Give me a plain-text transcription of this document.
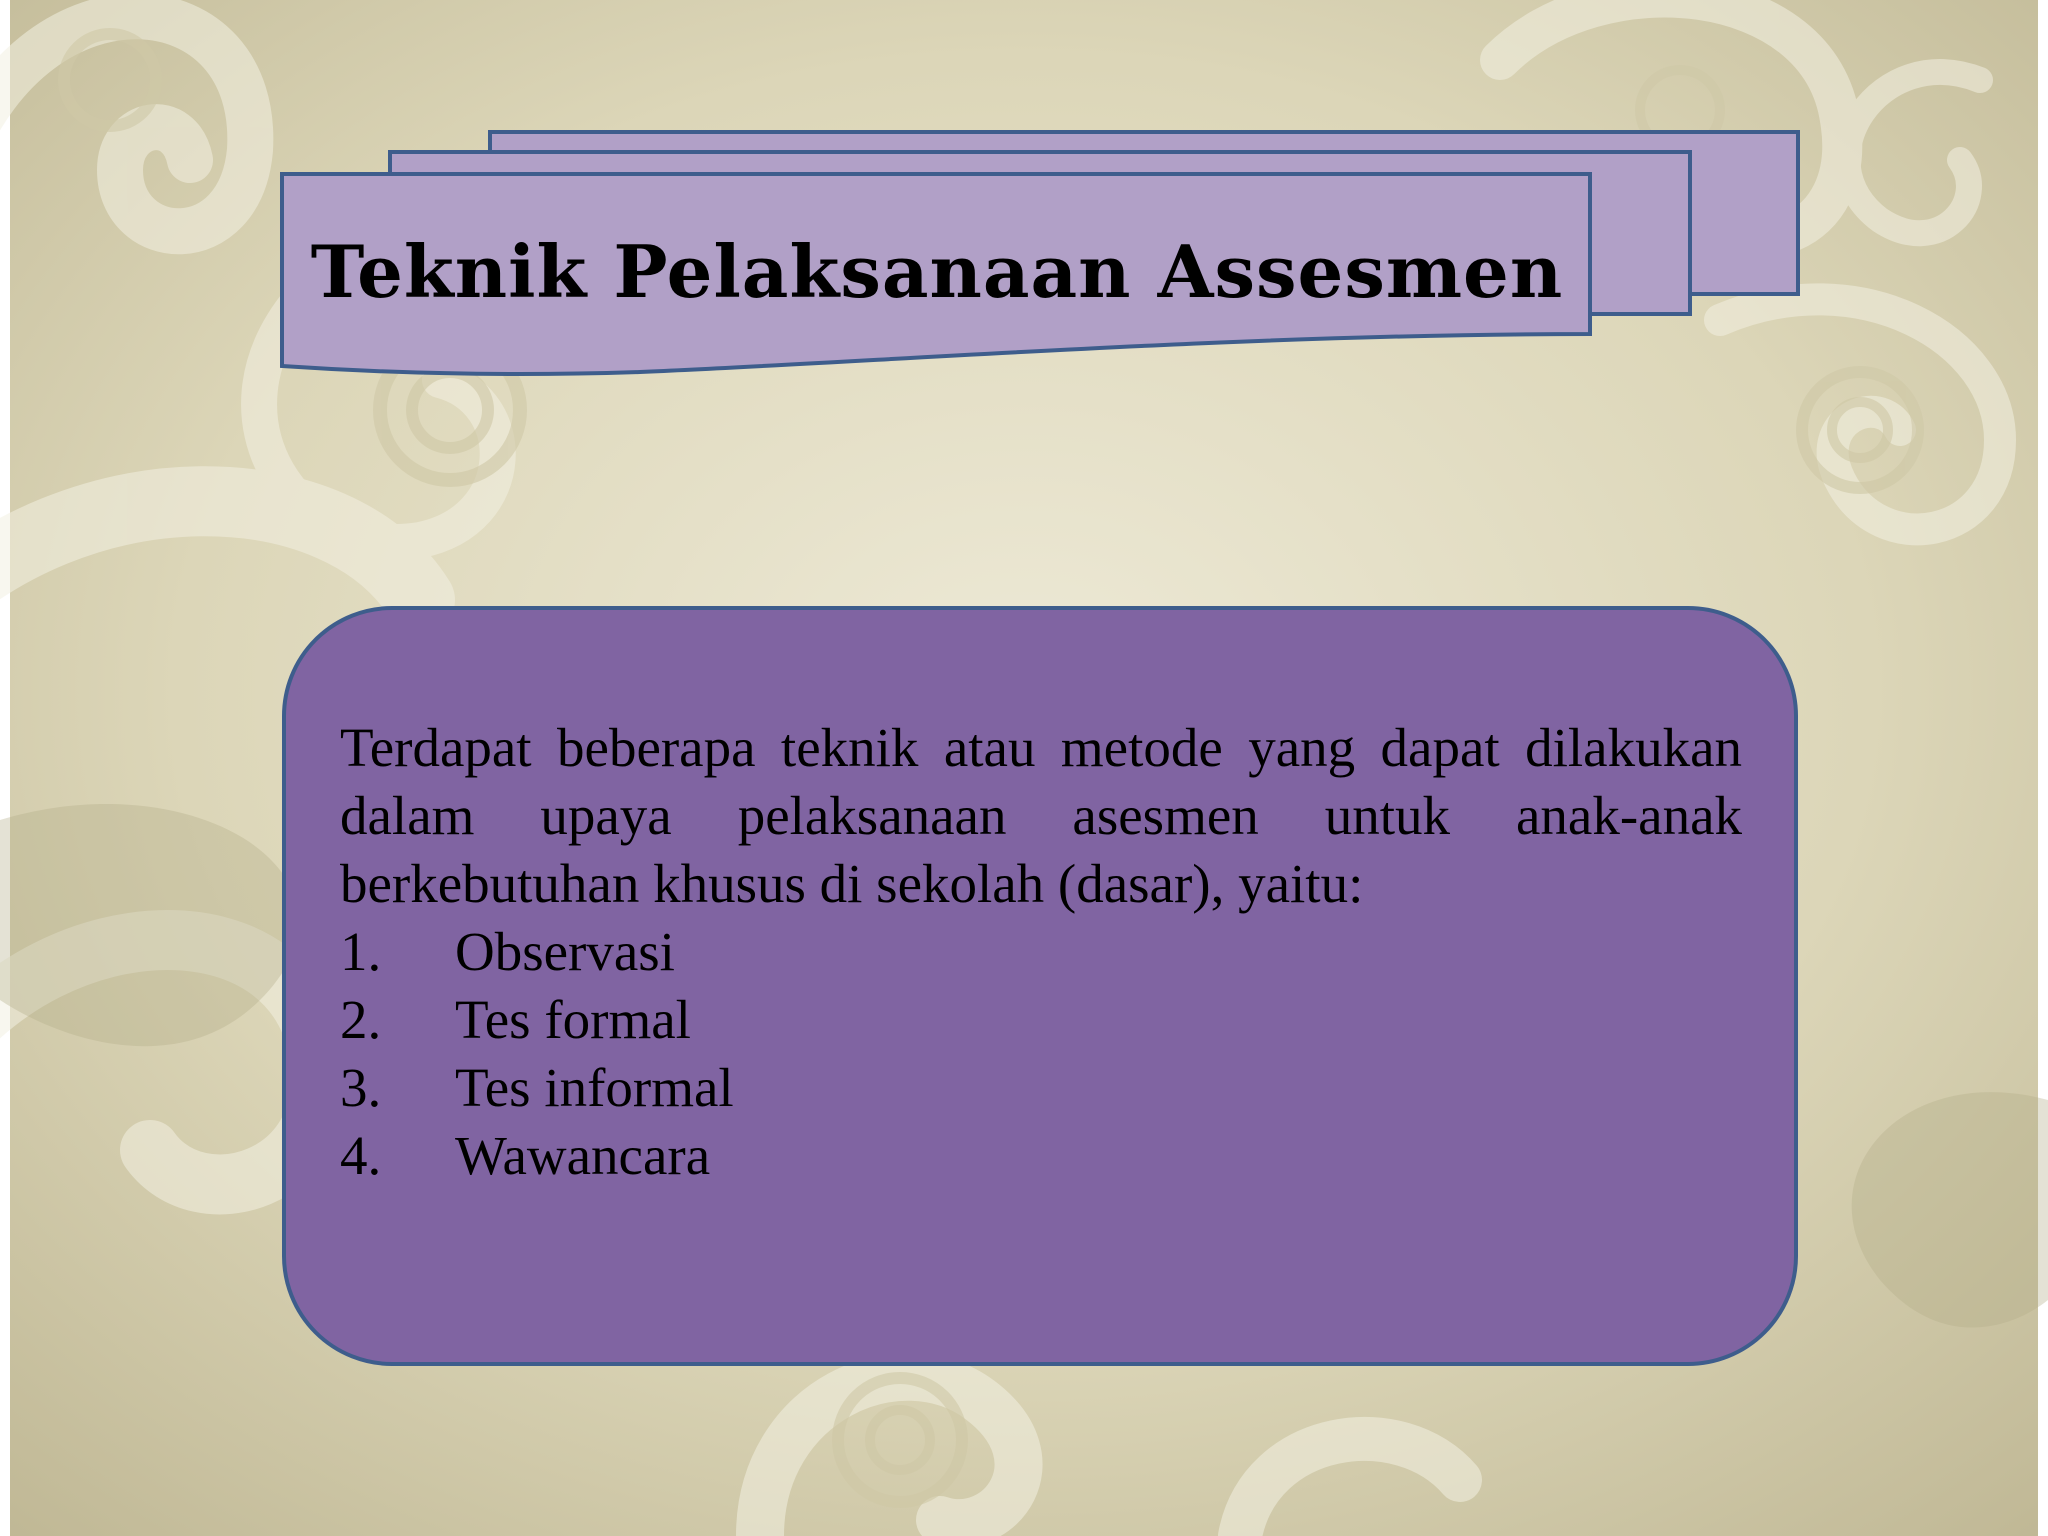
Teknik Pelaksanaan Assesmen

Terdapat beberapa teknik atau metode yang dapat dilakukan dalam upaya pelaksanaan asesmen untuk anak-anak berkebutuhan khusus di sekolah (dasar), yaitu:

1.	Observasi
2.	Tes formal
3.	Tes informal
4.	Wawancara
